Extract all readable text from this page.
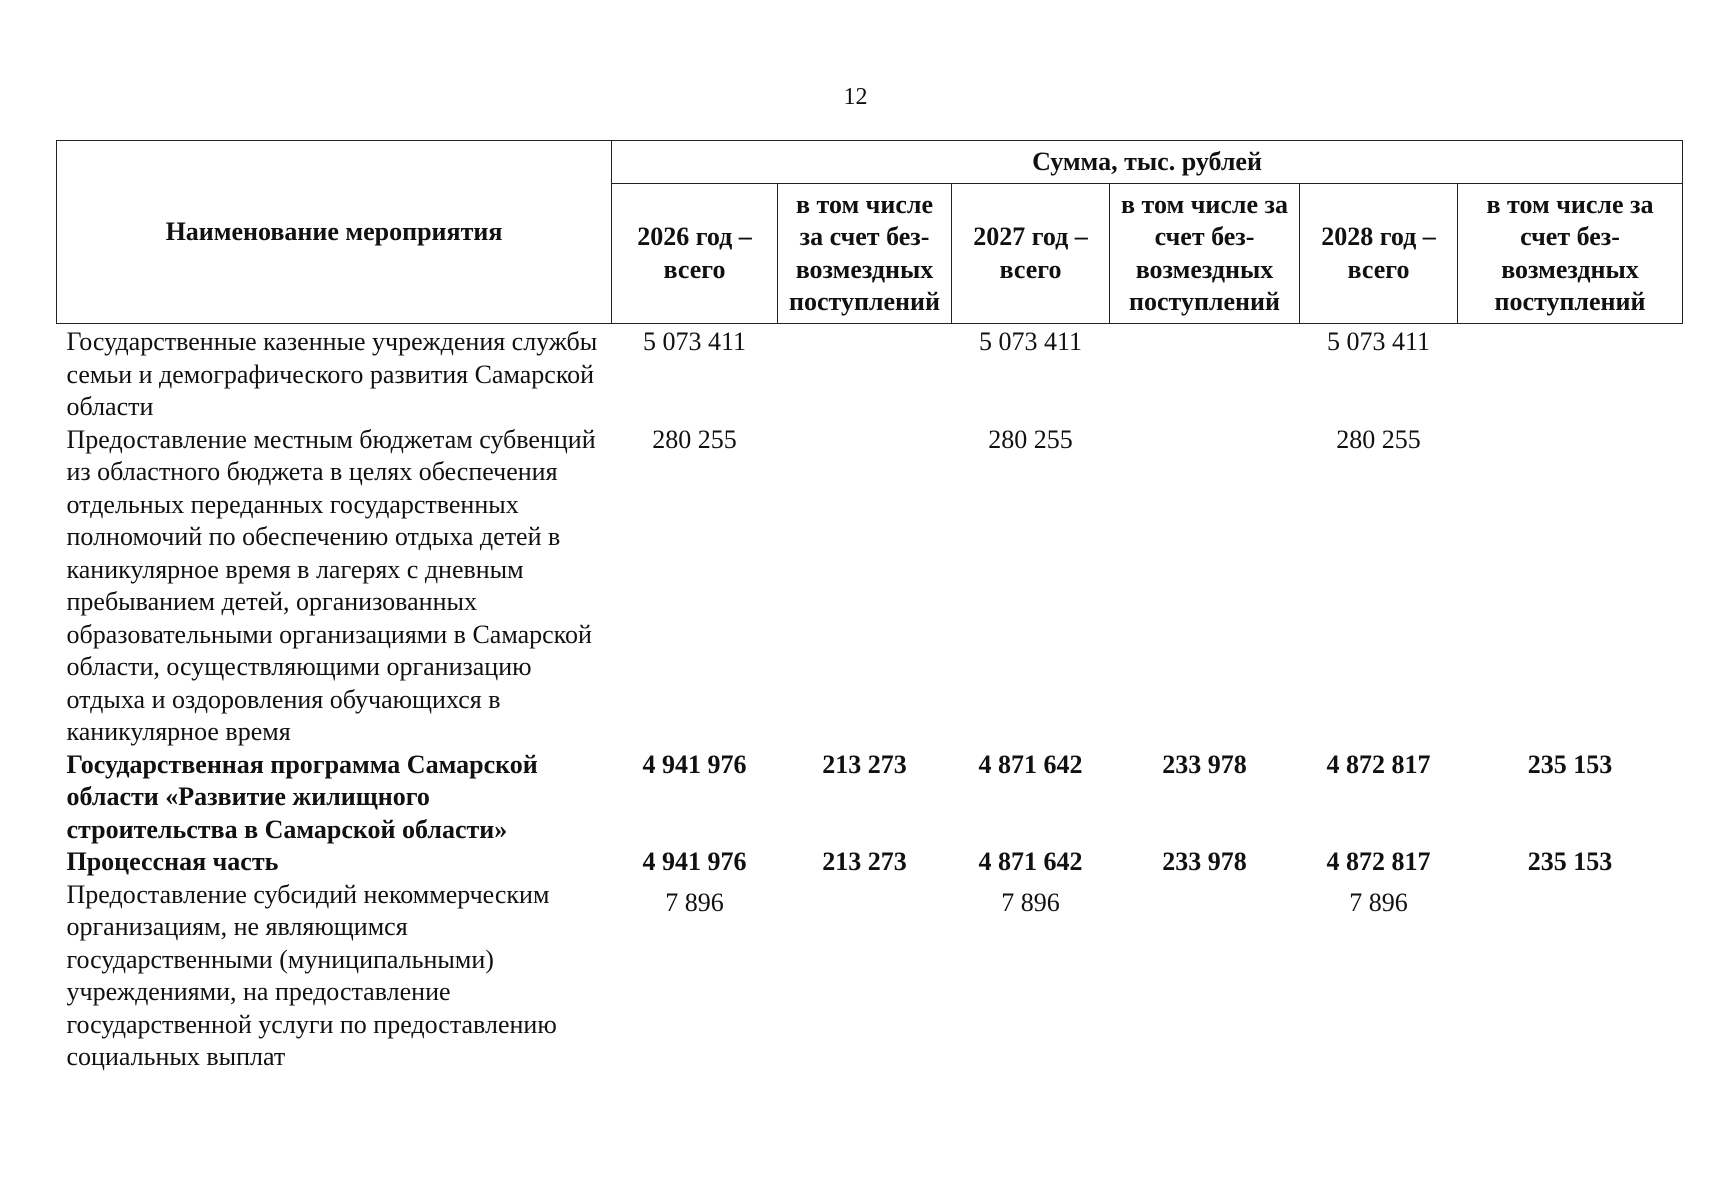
12
Наименование мероприятия	Сумма, тыс. рублей					
	2026 год – всего	в том числе за счет без-возмездных поступлений	2027 год – всего	в том числе за счет без-возмездных поступлений	2028 год – всего	в том числе за счет без-возмездных поступлений
Государственные казенные учреждения службы семьи и демографического развития Самарской области	5 073 411		5 073 411		5 073 411	
Предоставление местным бюджетам субвенций из областного бюджета в целях обеспечения отдельных переданных государственных полномочий по обеспечению отдыха детей в каникулярное время в лагерях с дневным пребыванием детей, организованных образовательными организациями в Самарской области, осуществляющими организацию отдыха и оздоровления обучающихся в каникулярное время	280 255		280 255		280 255	
Государственная программа Самарской области «Развитие жилищного строительства в Самарской области»	4 941 976	213 273	4 871 642	233 978	4 872 817	235 153
Процессная часть	4 941 976	213 273	4 871 642	233 978	4 872 817	235 153
Предоставление субсидий некоммерческим организациям, не являющимся государственными (муниципальными) учреждениями, на предоставление государственной услуги по предоставлению социальных выплат	7 896		7 896		7 896	
